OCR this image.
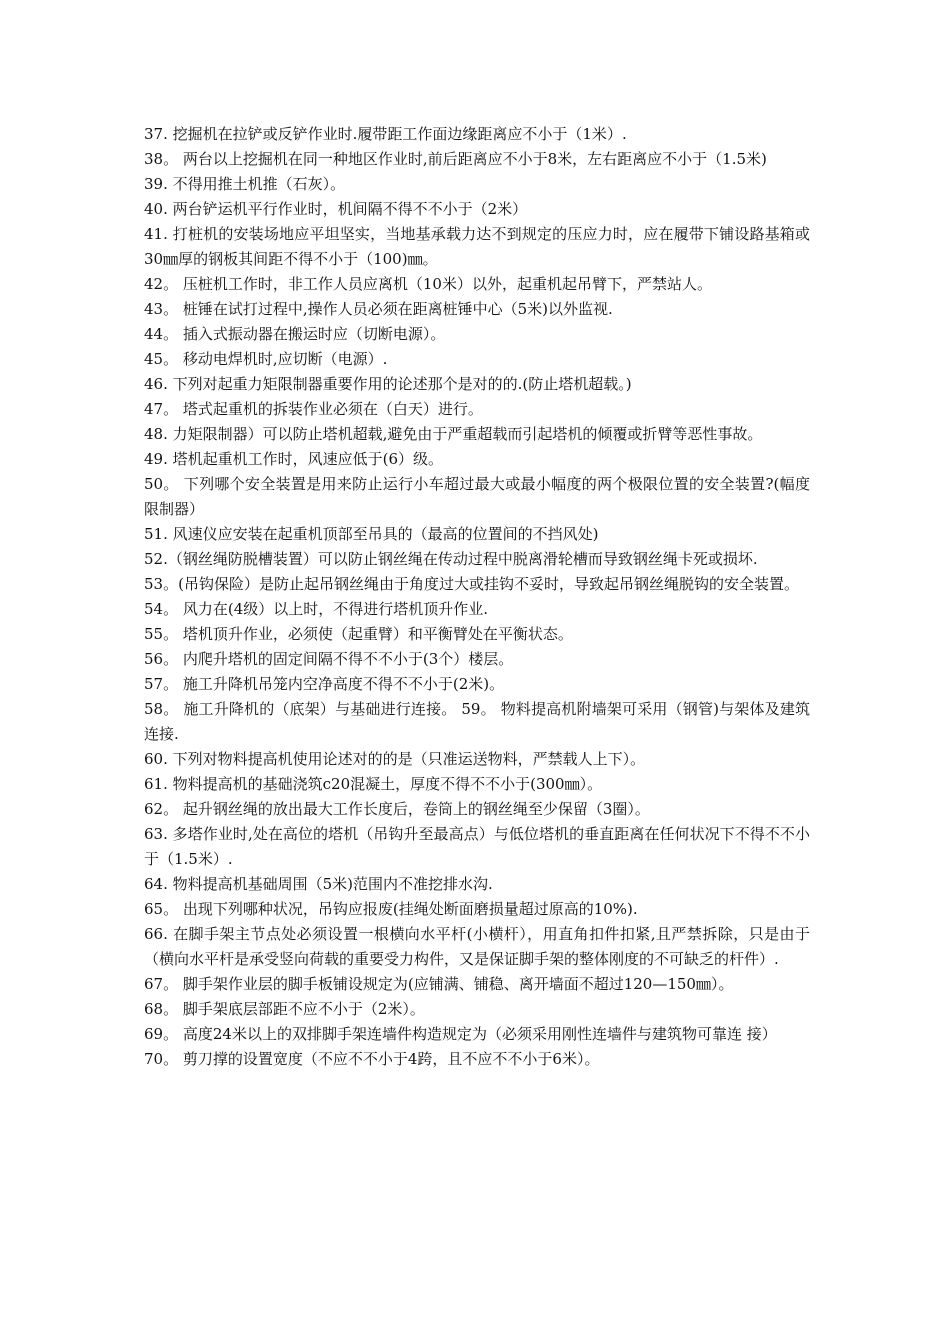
37. 挖掘机在拉铲或反铲作业时.履带距工作面边缘距离应不小于（1米）.

38。 两台以上挖掘机在同一种地区作业时,前后距离应不小于8米，左右距离应不小于（1.5米)

39. 不得用推土机推（石灰）。

40. 两台铲运机平行作业时，机间隔不得不不小于（2米）

41. 打桩机的安装场地应平坦坚实，当地基承载力达不到规定的压应力时，应在履带下铺设路基箱或30㎜厚的钢板其间距不得不小于（100)㎜。

42。 压桩机工作时，非工作人员应离机（10米）以外，起重机起吊臂下，严禁站人。

43。 桩锤在试打过程中,操作人员必须在距离桩锤中心（5米)以外监视.

44。 插入式振动器在搬运时应（切断电源）。

45。 移动电焊机时,应切断（电源）.

46. 下列对起重力矩限制器重要作用的论述那个是对的的.(防止塔机超载。)

47。 塔式起重机的拆装作业必须在（白天）进行。

48. 力矩限制器）可以防止塔机超载,避免由于严重超载而引起塔机的倾覆或折臂等恶性事故。

49. 塔机起重机工作时，风速应低于(6）级。

50。 下列哪个安全装置是用来防止运行小车超过最大或最小幅度的两个极限位置的安全装置?(幅度限制器）

51. 风速仪应安装在起重机顶部至吊具的（最高的位置间的不挡风处)

52.（钢丝绳防脱槽装置）可以防止钢丝绳在传动过程中脱离滑轮槽而导致钢丝绳卡死或损坏.

53。(吊钩保险）是防止起吊钢丝绳由于角度过大或挂钩不妥时，导致起吊钢丝绳脱钩的安全装置。

54。 风力在(4级）以上时，不得进行塔机顶升作业.

55。 塔机顶升作业，必须使（起重臂）和平衡臂处在平衡状态。

56。 内爬升塔机的固定间隔不得不不小于(3个）楼层。

57。 施工升降机吊笼内空净高度不得不不小于(2米)。

58。 施工升降机的（底架）与基础进行连接。 59。 物料提高机附墙架可采用（钢管)与架体及建筑连接.

60. 下列对物料提高机使用论述对的的是（只准运送物料，严禁载人上下）。

61. 物料提高机的基础浇筑c20混凝土，厚度不得不不小于(300㎜）。

62。 起升钢丝绳的放出最大工作长度后，卷筒上的钢丝绳至少保留（3圈）。

63. 多塔作业时,处在高位的塔机（吊钩升至最高点）与低位塔机的垂直距离在任何状况下不得不不小于（1.5米）.

64. 物料提高机基础周围（5米)范围内不准挖排水沟.

65。 出现下列哪种状况，吊钩应报废(挂绳处断面磨损量超过原高的10%).

66. 在脚手架主节点处必须设置一根横向水平杆(小横杆），用直角扣件扣紧,且严禁拆除，只是由于（横向水平杆是承受竖向荷载的重要受力构件，又是保证脚手架的整体刚度的不可缺乏的杆件）.

67。 脚手架作业层的脚手板铺设规定为(应铺满、铺稳、离开墙面不超过120—150㎜）。

68。 脚手架底层部距不应不小于（2米）。

69。 高度24米以上的双排脚手架连墙件构造规定为（必须采用刚性连墙件与建筑物可靠连 接）

70。 剪刀撑的设置宽度（不应不不小于4跨，且不应不不小于6米）。
